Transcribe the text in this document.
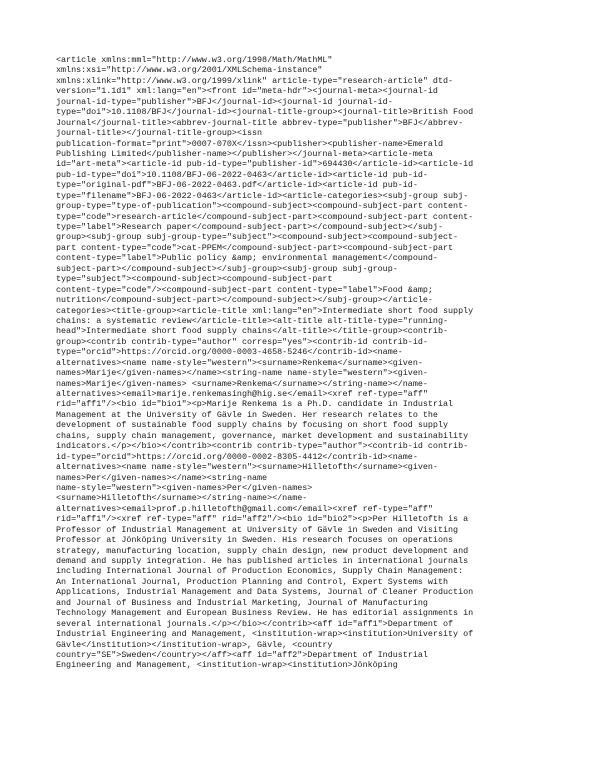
<article xmlns:mml="http://www.w3.org/1998/Math/MathML"
xmlns:xsi="http://www.w3.org/2001/XMLSchema-instance"
xmlns:xlink="http://www.w3.org/1999/xlink" article-type="research-article" dtd-
version="1.1d1" xml:lang="en"><front id="meta-hdr"><journal-meta><journal-id
journal-id-type="publisher">BFJ</journal-id><journal-id journal-id-
type="doi">10.1108/BFJ</journal-id><journal-title-group><journal-title>British Food
Journal</journal-title><abbrev-journal-title abbrev-type="publisher">BFJ</abbrev-
journal-title></journal-title-group><issn
publication-format="print">0007-070X</issn><publisher><publisher-name>Emerald
Publishing Limited</publisher-name></publisher></journal-meta><article-meta
id="art-meta"><article-id pub-id-type="publisher-id">694430</article-id><article-id
pub-id-type="doi">10.1108/BFJ-06-2022-0463</article-id><article-id pub-id-
type="original-pdf">BFJ-06-2022-0463.pdf</article-id><article-id pub-id-
type="filename">BFJ-06-2022-0463</article-id><article-categories><subj-group subj-
group-type="type-of-publication"><compound-subject><compound-subject-part content-
type="code">research-article</compound-subject-part><compound-subject-part content-
type="label">Research paper</compound-subject-part></compound-subject></subj-
group><subj-group subj-group-type="subject"><compound-subject><compound-subject-
part content-type="code">cat-PPEM</compound-subject-part><compound-subject-part
content-type="label">Public policy &amp; environmental management</compound-
subject-part></compound-subject></subj-group><subj-group subj-group-
type="subject"><compound-subject><compound-subject-part
content-type="code"/><compound-subject-part content-type="label">Food &amp;
nutrition</compound-subject-part></compound-subject></subj-group></article-
categories><title-group><article-title xml:lang="en">Intermediate short food supply
chains: a systematic review</article-title><alt-title alt-title-type="running-
head">Intermediate short food supply chains</alt-title></title-group><contrib-
group><contrib contrib-type="author" corresp="yes"><contrib-id contrib-id-
type="orcid">https://orcid.org/0000-0003-4658-5246</contrib-id><name-
alternatives><name name-style="western"><surname>Renkema</surname><given-
names>Marije</given-names></name><string-name name-style="western"><given-
names>Marije</given-names> <surname>Renkema</surname></string-name></name-
alternatives><email>marije.renkemasingh@hig.se</email><xref ref-type="aff"
rid="aff1"/><bio id="bio1"><p>Marije Renkema is a Ph.D. candidate in Industrial
Management at the University of Gävle in Sweden. Her research relates to the
development of sustainable food supply chains by focusing on short food supply
chains, supply chain management, governance, market development and sustainability
indicators.</p></bio></contrib><contrib contrib-type="author"><contrib-id contrib-
id-type="orcid">https://orcid.org/0000-0002-8305-4412</contrib-id><name-
alternatives><name name-style="western"><surname>Hilletofth</surname><given-
names>Per</given-names></name><string-name
name-style="western"><given-names>Per</given-names>
<surname>Hilletofth</surname></string-name></name-
alternatives><email>prof.p.hilletofth@gmail.com</email><xref ref-type="aff"
rid="aff1"/><xref ref-type="aff" rid="aff2"/><bio id="bio2"><p>Per Hilletofth is a
Professor of Industrial Management at University of Gävle in Sweden and Visiting
Professor at Jönköping University in Sweden. His research focuses on operations
strategy, manufacturing location, supply chain design, new product development and
demand and supply integration. He has published articles in international journals
including International Journal of Production Economics, Supply Chain Management:
An International Journal, Production Planning and Control, Expert Systems with
Applications, Industrial Management and Data Systems, Journal of Cleaner Production
and Journal of Business and Industrial Marketing, Journal of Manufacturing
Technology Management and European Business Review. He has editorial assignments in
several international journals.</p></bio></contrib><aff id="aff1">Department of
Industrial Engineering and Management, <institution-wrap><institution>University of
Gävle</institution></institution-wrap>, Gävle, <country
country="SE">Sweden</country></aff><aff id="aff2">Department of Industrial
Engineering and Management, <institution-wrap><institution>Jönköping
